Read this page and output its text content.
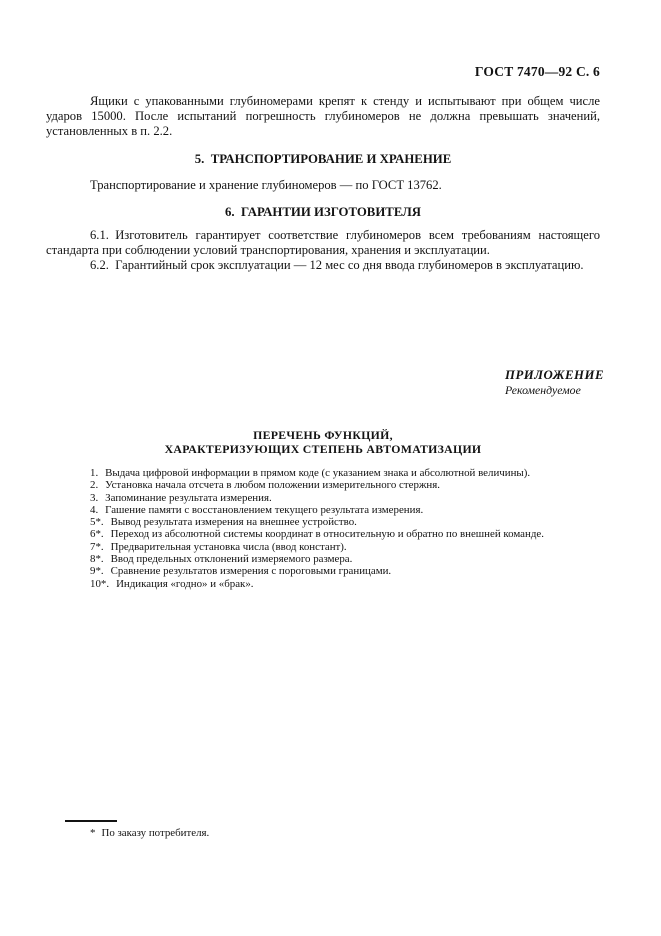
ГОСТ 7470—92 С. 6

Ящики с упакованными глубиномерами крепят к стенду и испытывают при общем числе ударов 15000. После испытаний погрешность глубиномеров не должна превышать значений, установленных в п. 2.2.

5. ТРАНСПОРТИРОВАНИЕ И ХРАНЕНИЕ

Транспортирование и хранение глубиномеров — по ГОСТ 13762.

6. ГАРАНТИИ ИЗГОТОВИТЕЛЯ

6.1. Изготовитель гарантирует соответствие глубиномеров всем требованиям настоящего стандарта при соблюдении условий транспортирования, хранения и эксплуатации.

6.2. Гарантийный срок эксплуатации — 12 мес со дня ввода глубиномеров в эксплуатацию.

ПРИЛОЖЕНИЕ
Рекомендуемое
ПЕРЕЧЕНЬ ФУНКЦИЙ,
ХАРАКТЕРИЗУЮЩИХ СТЕПЕНЬ АВТОМАТИЗАЦИИ
1. Выдача цифровой информации в прямом коде (с указанием знака и абсолютной величины).
2. Установка начала отсчета в любом положении измерительного стержня.
3. Запоминание результата измерения.
4. Гашение памяти с восстановлением текущего результата измерения.
5*. Вывод результата измерения на внешнее устройство.
6*. Переход из абсолютной системы координат в относительную и обратно по внешней команде.
7*. Предварительная установка числа (ввод констант).
8*. Ввод предельных отклонений измеряемого размера.
9*. Сравнение результатов измерения с пороговыми границами.
10*. Индикация «годно» и «брак».

* По заказу потребителя.
